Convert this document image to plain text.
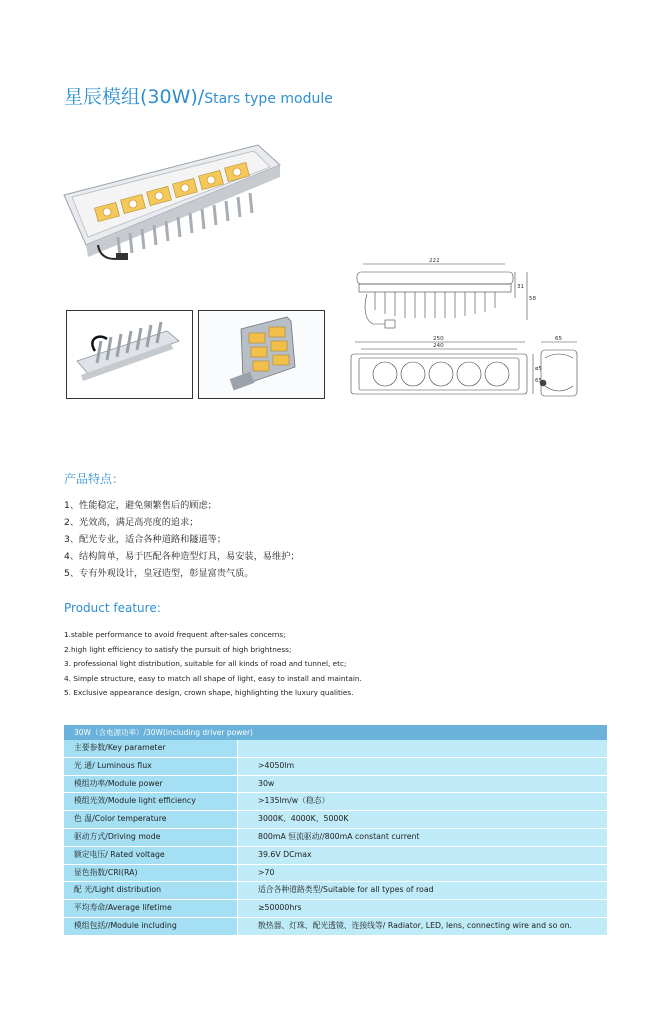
星辰模组(30W)/Stars type module
222
31
58
250
240
ø5
65
65
产品特点：
1、性能稳定，避免频繁售后的顾虑；
2、光效高，满足高亮度的追求；
3、配光专业，适合各种道路和隧道等；
4、结构简单，易于匹配各种造型灯具，易安装，易维护；
5、专有外观设计，皇冠造型，彰显富贵气质。
Product feature:
1.stable performance to avoid frequent after-sales concerns;
2.high light efficiency to satisfy the pursuit of high brightness;
3. professional light distribution, suitable for all kinds of road and tunnel, etc;
4. Simple structure, easy to match all shape of light, easy to install and maintain.
5. Exclusive appearance design, crown shape, highlighting the luxury qualities.
30W（含电源功率）/30W(including driver power)
主要参数/Key parameter
光 通/ Luminous flux	>4050lm
模组功率/Module power	30w
模组光效/Module light efficiency	>135lm/w（稳态）
色 温/Color temperature	3000K、4000K、5000K
驱动方式/Driving mode	800mA 恒流驱动//800mA constant current
额定电压/ Rated voltage	39.6V DCmax
显色指数/CRI(RA)	>70
配 光/Light distribution	适合各种道路类型/Suitable for all types of road
平均寿命/Average lifetime	≥50000hrs
模组包括//Module including	散热器、灯珠、配光透镜、连接线等/ Radiator, LED, lens, connecting wire and so on.
